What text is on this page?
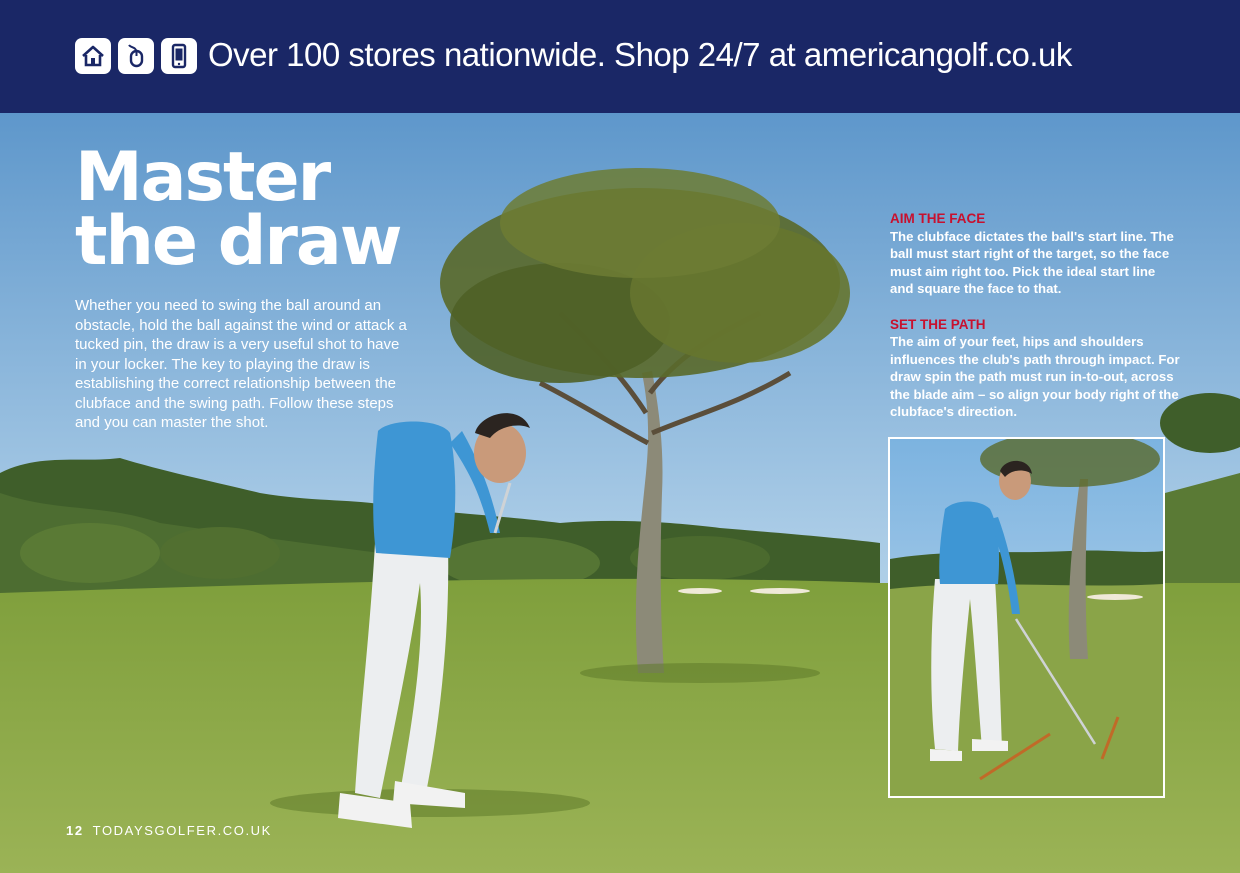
Over 100 stores nationwide. Shop 24/7 at americangolf.co.uk
Master
the draw
Whether you need to swing the ball around an obstacle, hold the ball against the wind or attack a tucked pin, the draw is a very useful shot to have in your locker. The key to playing the draw is establishing the correct relationship between the clubface and the swing path. Follow these steps and you can master the shot.
AIM THE FACE
The clubface dictates the ball's start line. The ball must start right of the target, so the face must aim right too. Pick the ideal start line and square the face to that.
SET THE PATH
The aim of your feet, hips and shoulders influences the club's path through impact. For draw spin the path must run in-to-out, across the blade aim – so align your body right of the clubface's direction.
12 TODAYSGOLFER.CO.UK
